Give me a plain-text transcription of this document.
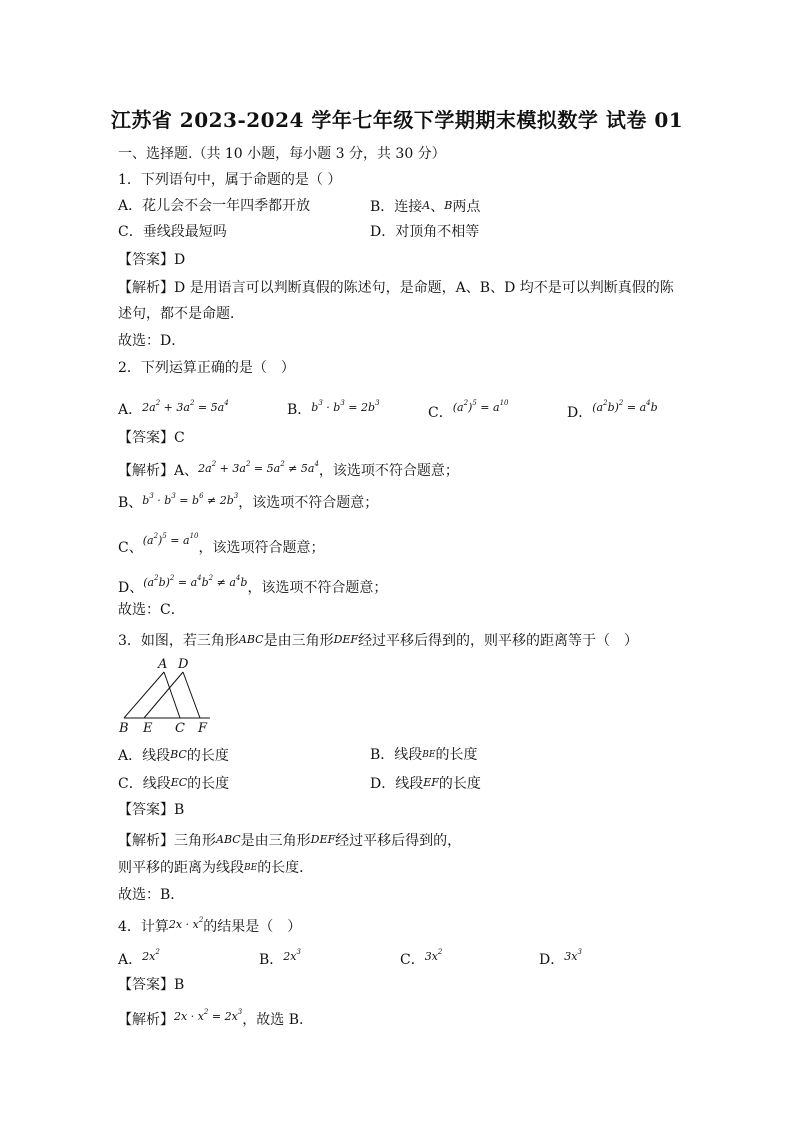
江苏省 2023-2024 学年七年级下学期期末模拟数学 试卷 01
一、选择题.（共 10 小题，每小题 3 分，共 30 分）
1．下列语句中，属于命题的是（ ）
A．花儿会不会一年四季都开放	B．连接A、B两点
C．垂线段最短吗	D．对顶角不相等
【答案】D
【解析】D 是用语言可以判断真假的陈述句，是命题，A、B、D 均不是可以判断真假的陈
述句，都不是命题．
故选：D．
2．下列运算正确的是（　）
A．$^{2a^2 + 3a^2 = 5a^4}$	B．$^{b^3 \cdot b^3 = 2b^3}$
C．$^{(a^2)^5 = a^{10}}$
D．$^{(a^2b)^2 = a^4b}$
【答案】C
【解析】A、$^{2a^2 + 3a^2 = 5a^2 \ne 5a^4}$，该选项不符合题意；
B、$^{b^3 \cdot b^3 = b^6 \ne 2b^3}$，该选项不符合题意；
C、$^{(a^2)^5 = a^{10}}$，该选项符合题意；
D、$^{(a^2b)^2 = a^4b^2 \ne a^4b}$，该选项不符合题意；
故选：C．
3．如图，若三角形ABC是由三角形DEF经过平移后得到的，则平移的距离等于（　）
A D
B E C F
A．线段BC的长度	B．线段BE的长度
C．线段EC的长度	D．线段EF的长度
【答案】B
【解析】三角形ABC是由三角形DEF经过平移后得到的，
则平移的距离为线段BE的长度．
故选：B．
4．计算$^{2x \cdot x^2}$的结果是（　）
A．$^{2x^2}$	B．$^{2x^3}$	C．$^{3x^2}$	D．$^{3x^3}$
【答案】B
【解析】$^{2x \cdot x^2 = 2x^3}$，故选 B.
